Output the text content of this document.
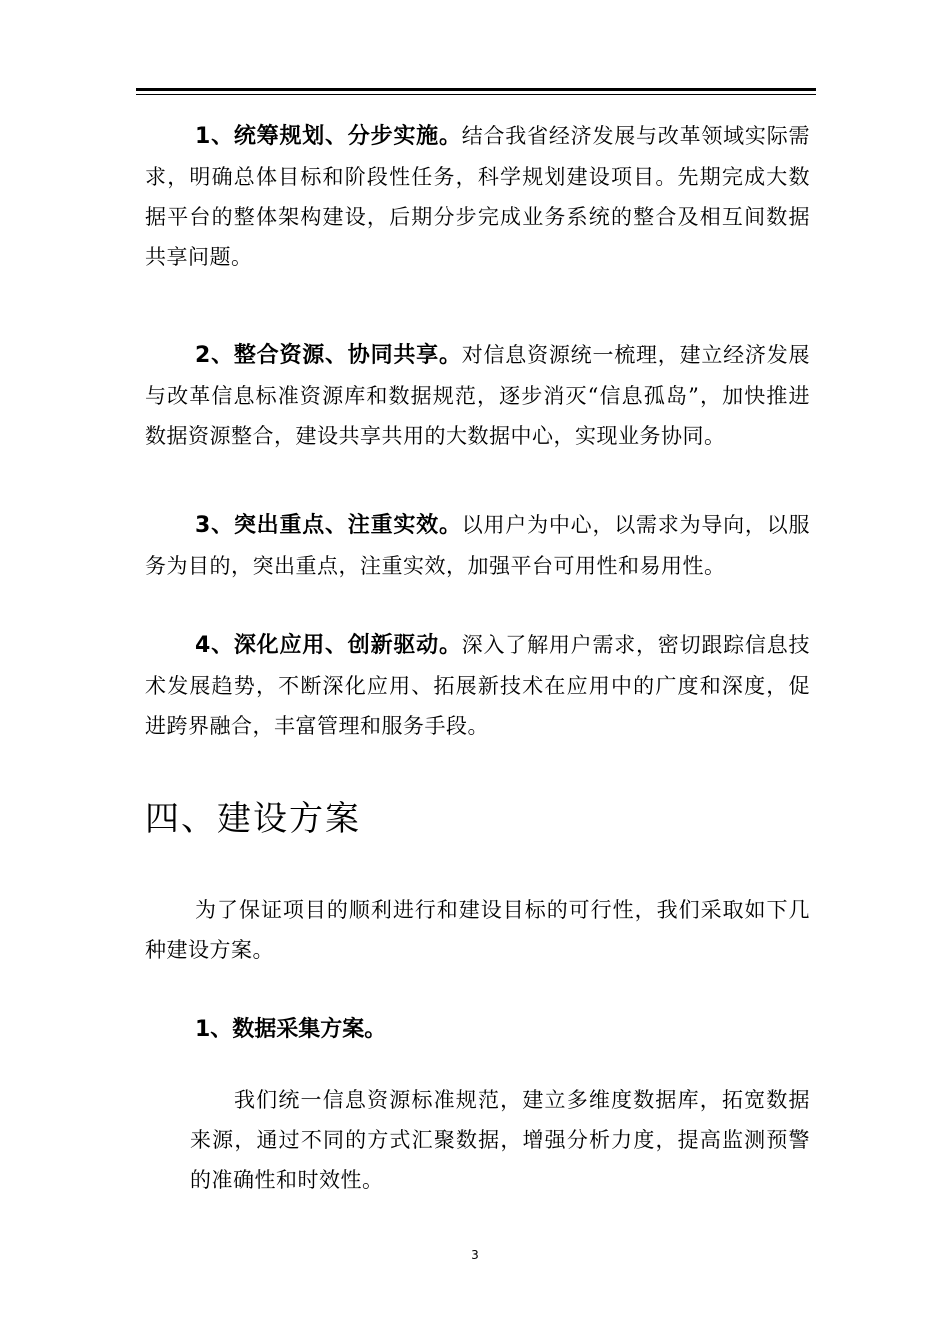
1、统筹规划、分步实施。结合我省经济发展与改革领域实际需求，明确总体目标和阶段性任务，科学规划建设项目。先期完成大数据平台的整体架构建设，后期分步完成业务系统的整合及相互间数据共享问题。
2、整合资源、协同共享。对信息资源统一梳理，建立经济发展与改革信息标准资源库和数据规范，逐步消灭“信息孤岛”，加快推进数据资源整合，建设共享共用的大数据中心，实现业务协同。
3、突出重点、注重实效。以用户为中心，以需求为导向，以服务为目的，突出重点，注重实效，加强平台可用性和易用性。
4、深化应用、创新驱动。深入了解用户需求，密切跟踪信息技术发展趋势，不断深化应用、拓展新技术在应用中的广度和深度，促进跨界融合，丰富管理和服务手段。
四、建设方案
为了保证项目的顺利进行和建设目标的可行性，我们采取如下几种建设方案。
1、数据采集方案。
我们统一信息资源标准规范，建立多维度数据库，拓宽数据来源，通过不同的方式汇聚数据，增强分析力度，提高监测预警的准确性和时效性。
3
